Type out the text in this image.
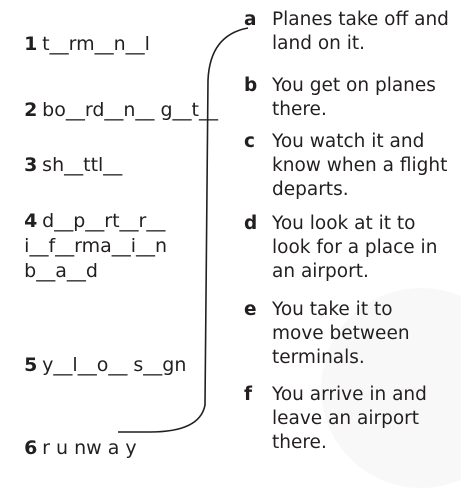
1 t__rm__n__l

2 bo__rd__n__ g__t__

3 sh__ttl__

4 d__p__rt__r__
i__f__rma__i__n
b__a__d

5 y__l__o__ s__gn

6 r u nw a y

a Planes take off and
land on it.
b You get on planes
there.
c You watch it and
know when a flight
departs.
d You look at it to
look for a place in
an airport.
e You take it to
move between
terminals.
f You arrive in and
leave an airport
there.
